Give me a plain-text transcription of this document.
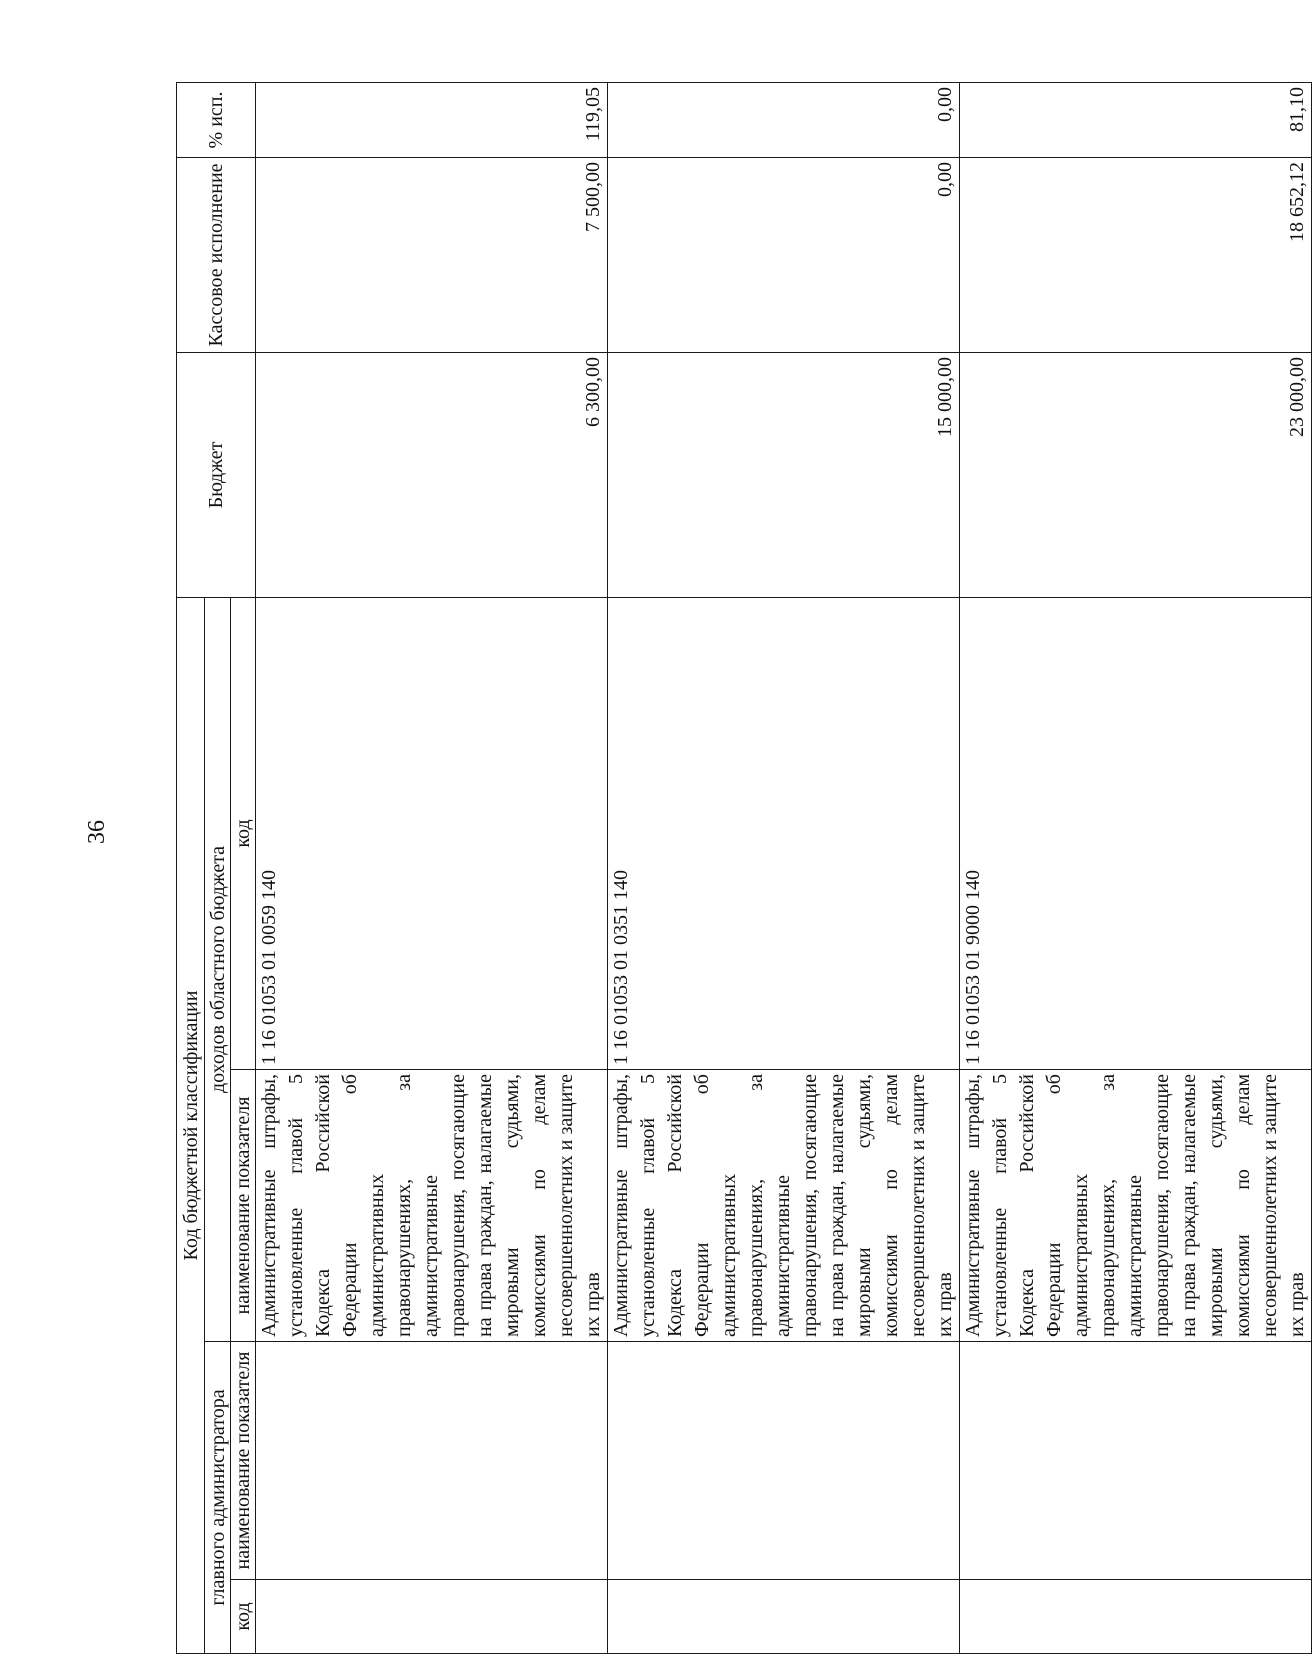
36
Код бюджетной классификации				Бюджет	Кассовое исполнение	% исп.
главного администратора		доходов областного бюджета				
код	наименование показателя	наименование показателя	код			
		Административные штрафы, установленные главой 5 Кодекса Российской Федерации об административных правонарушениях, за административные правонарушения, посягающие на права граждан, налагаемые мировыми судьями, комиссиями по делам несовершеннолетних и защите их прав	1 16 01053 01 0059 140	6 300,00	7 500,00	119,05
		Административные штрафы, установленные главой 5 Кодекса Российской Федерации об административных правонарушениях, за административные правонарушения, посягающие на права граждан, налагаемые мировыми судьями, комиссиями по делам несовершеннолетних и защите их прав	1 16 01053 01 0351 140	15 000,00	0,00	0,00
		Административные штрафы, установленные главой 5 Кодекса Российской Федерации об административных правонарушениях, за административные правонарушения, посягающие на права граждан, налагаемые мировыми судьями, комиссиями по делам несовершеннолетних и защите их прав	1 16 01053 01 9000 140	23 000,00	18 652,12	81,10
